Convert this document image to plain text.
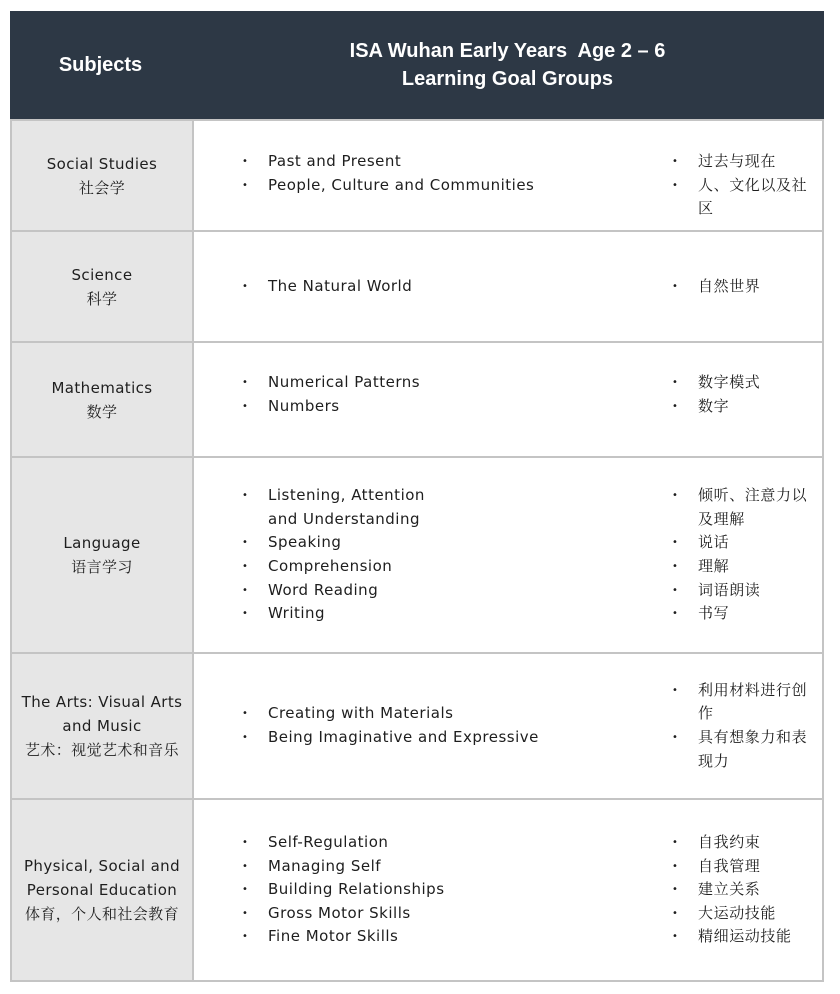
Subjects
ISA Wuhan Early Years  Age 2 – 6
Learning Goal Groups
Social Studies
社会学
• Past and Present
• People, Culture and Communities
• 过去与现在
• 人、文化以及社区
Science
科学
• The Natural World
•	自然世界
Mathematics
数学
• Numerical Patterns
• Numbers
• 数字模式
• 数字
Language
语言学习
• Listening, Attention and Understanding
• Speaking
• Comprehension
• Word Reading
• Writing
• 倾听、注意力以及理解
• 说话
• 理解
• 词语朗读
• 书写
The Arts: Visual Arts
and Music
艺术：视觉艺术和音乐
• Creating with Materials
• Being Imaginative and Expressive
• 利用材料进行创作
• 具有想象力和表现力
Physical, Social and
Personal Education
体育，个人和社会教育
• Self-Regulation
• Managing Self
• Building Relationships
• Gross Motor Skills
• Fine Motor Skills
• 自我约束
• 自我管理
• 建立关系
• 大运动技能
• 精细运动技能
